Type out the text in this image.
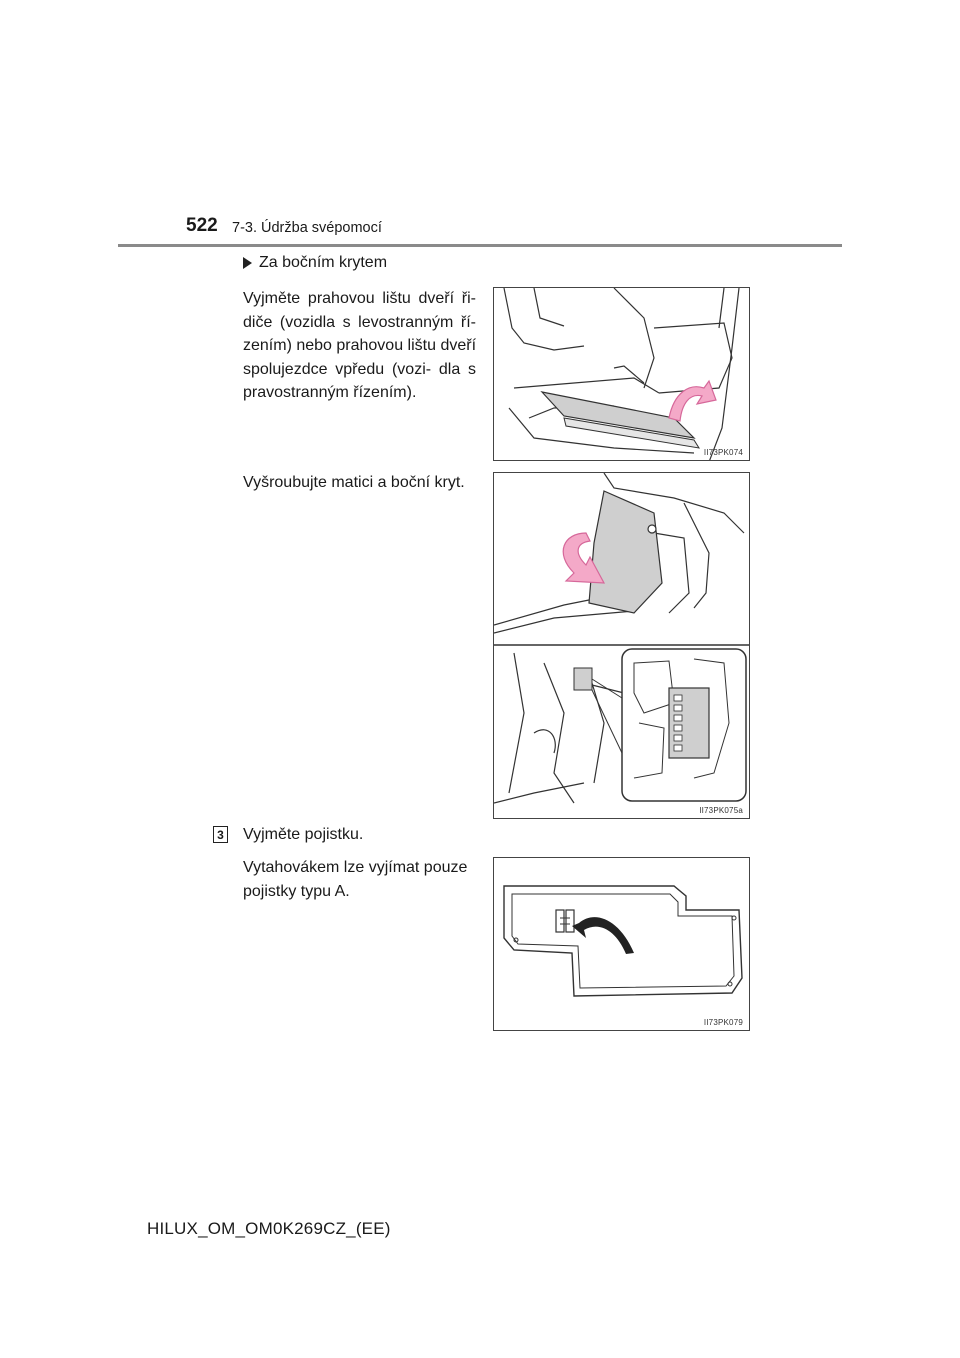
522 7-3. Údržba svépomocí
Za bočním krytem
Vyjměte prahovou lištu dveří ři- diče (vozidla s levostranným ří- zením) nebo prahovou lištu dveří spolujezdce vpředu (vozi- dla s pravostranným řízením).
Vyšroubujte matici a boční kryt.
3 Vyjměte pojistku.
Vytahovákem lze vyjímat pouze pojistky typu A.
II73PK074
II73PK075a
II73PK079
HILUX_OM_OM0K269CZ_(EE)
